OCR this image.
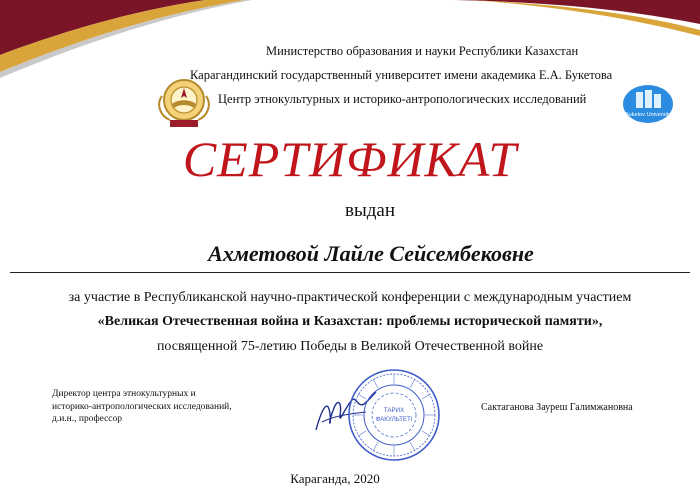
Министерство образования и науки Республики Казахстан
Карагандинский государственный университет имени академика Е.А. Букетова
Центр этнокультурных и историко-антропологических исследований
Buketov University
СЕРТИФИКАТ
выдан
Ахметовой Лайле Сейсембековне
за участие в Республиканской научно-практической конференции с международным участием
«Великая Отечественная война и Казахстан: проблемы исторической памяти»,
посвященной 75-летию Победы в Великой Отечественной войне
Директор центра этнокультурных и
историко-антропологических исследований,
д.и.н., профессор
ТАРИХ
ФАКУЛЬТЕТІ
Сактаганова Зауреш Галимжановна
Караганда, 2020
